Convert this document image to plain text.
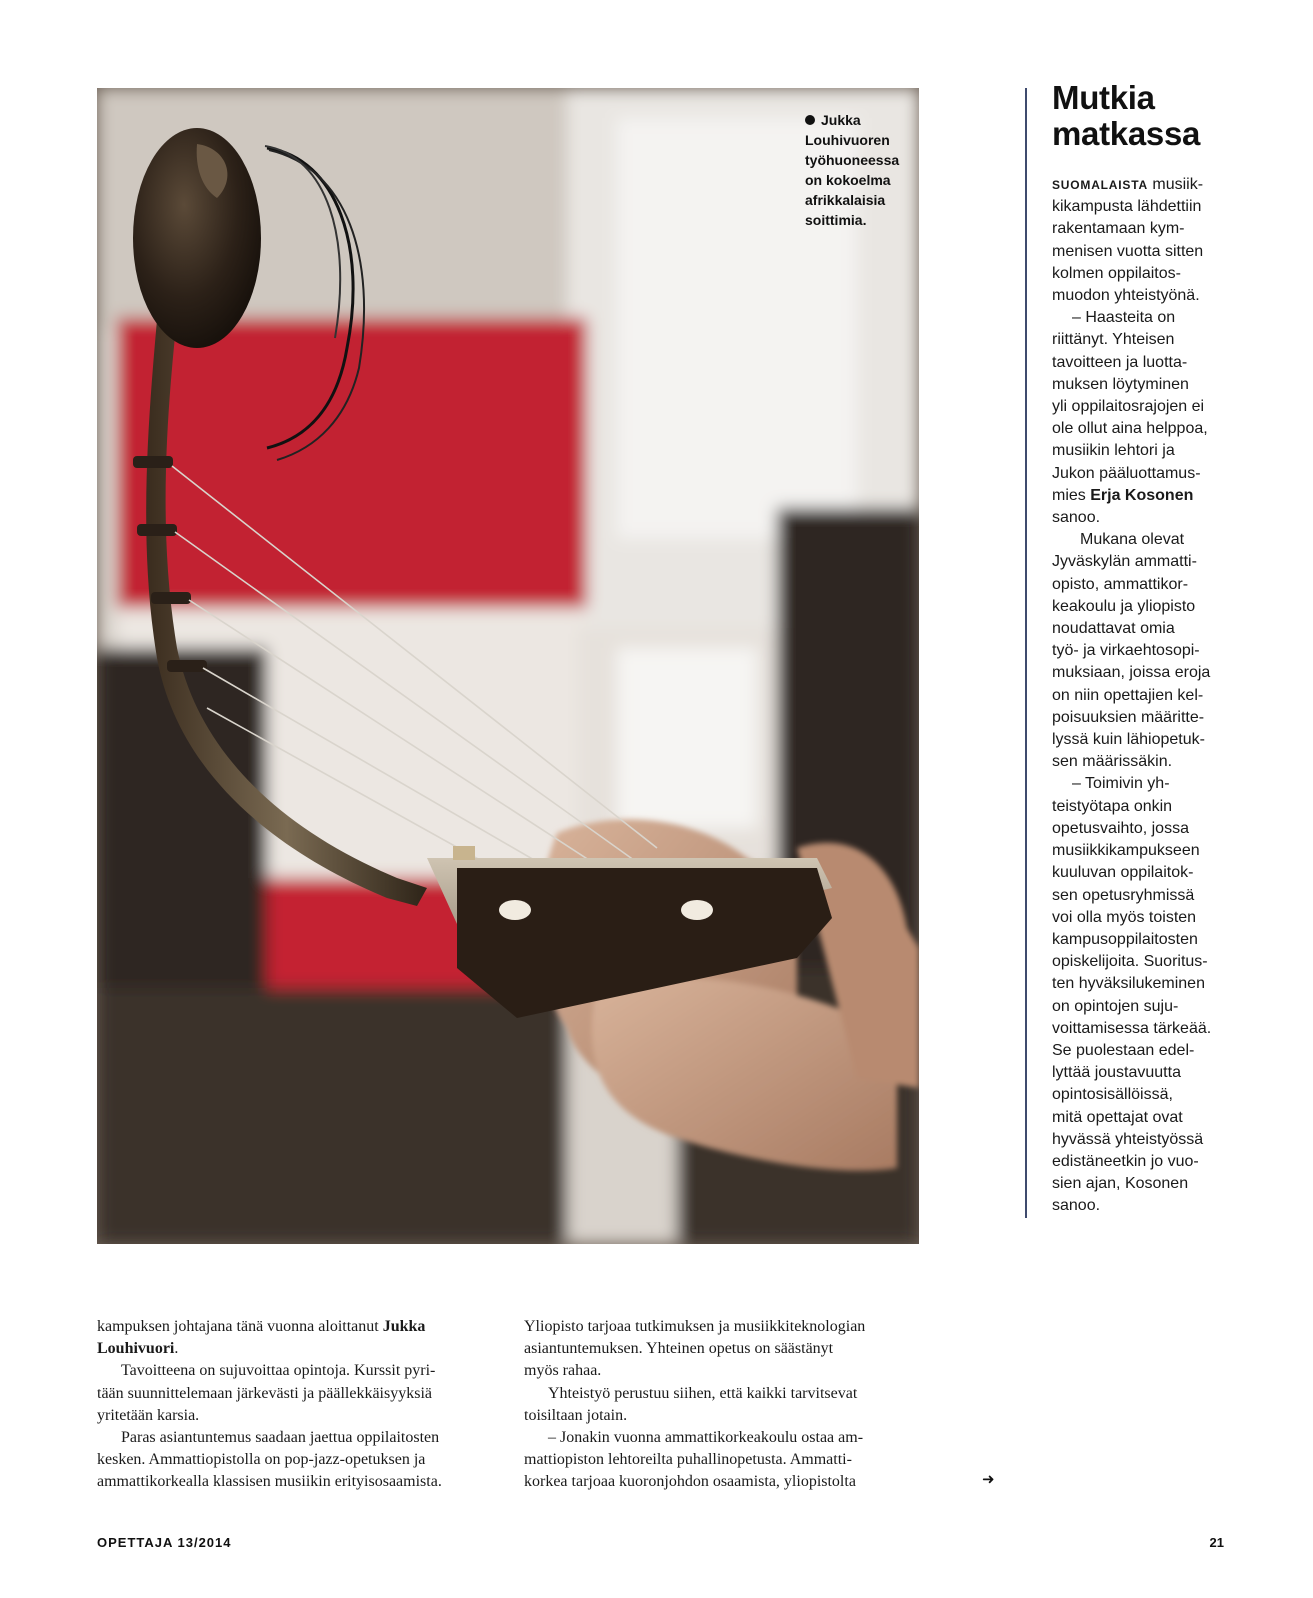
Jukka
Louhivuoren
työhuoneessa
on kokoelma
afrikkalaisia
soittimia.
Mutkia
matkassa
SUOMALAISTA musiik-
kikampusta lähdettiin
rakentamaan kym-
menisen vuotta sitten
kolmen oppilaitos-
muodon yhteistyönä.
– Haasteita on
riittänyt. Yhteisen
tavoitteen ja luotta-
muksen löytyminen
yli oppilaitosrajojen ei
ole ollut aina helppoa,
musiikin lehtori ja
Jukon pääluottamus-
mies Erja Kosonen
sanoo.
Mukana olevat
Jyväskylän ammatti-
opisto, ammattikor-
keakoulu ja yliopisto
noudattavat omia
työ- ja virkaehtosopi-
muksiaan, joissa eroja
on niin opettajien kel-
poisuuksien määritte-
lyssä kuin lähiopetuk-
sen määrissäkin.
– Toimivin yh-
teistyötapa onkin
opetusvaihto, jossa
musiikkikampukseen
kuuluvan oppilaitok-
sen opetusryhmissä
voi olla myös toisten
kampusoppilaitosten
opiskelijoita. Suoritus-
ten hyväksilukeminen
on opintojen suju-
voittamisessa tärkeää.
Se puolestaan edel-
lyttää joustavuutta
opintosisällöissä,
mitä opettajat ovat
hyvässä yhteistyössä
edistäneetkin jo vuo-
sien ajan, Kosonen
sanoo.
kampuksen johtajana tänä vuonna aloittanut Jukka
Louhivuori.
Tavoitteena on sujuvoittaa opintoja. Kurssit pyri-
tään suunnittelemaan järkevästi ja päällekkäisyyksiä
yritetään karsia.
Paras asiantuntemus saadaan jaettua oppilaitosten
kesken. Ammattiopistolla on pop-jazz-opetuksen ja
ammattikorkealla klassisen musiikin erityisosaamista.
Yliopisto tarjoaa tutkimuksen ja musiikkiteknologian
asiantuntemuksen. Yhteinen opetus on säästänyt
myös rahaa.
Yhteistyö perustuu siihen, että kaikki tarvitsevat
toisiltaan jotain.
– Jonakin vuonna ammattikorkeakoulu ostaa am-
mattiopiston lehtoreilta puhallinopetusta. Ammatti-
korkea tarjoaa kuoronjohdon osaamista, yliopistolta	➜
OPETTAJA 13/2014	21
